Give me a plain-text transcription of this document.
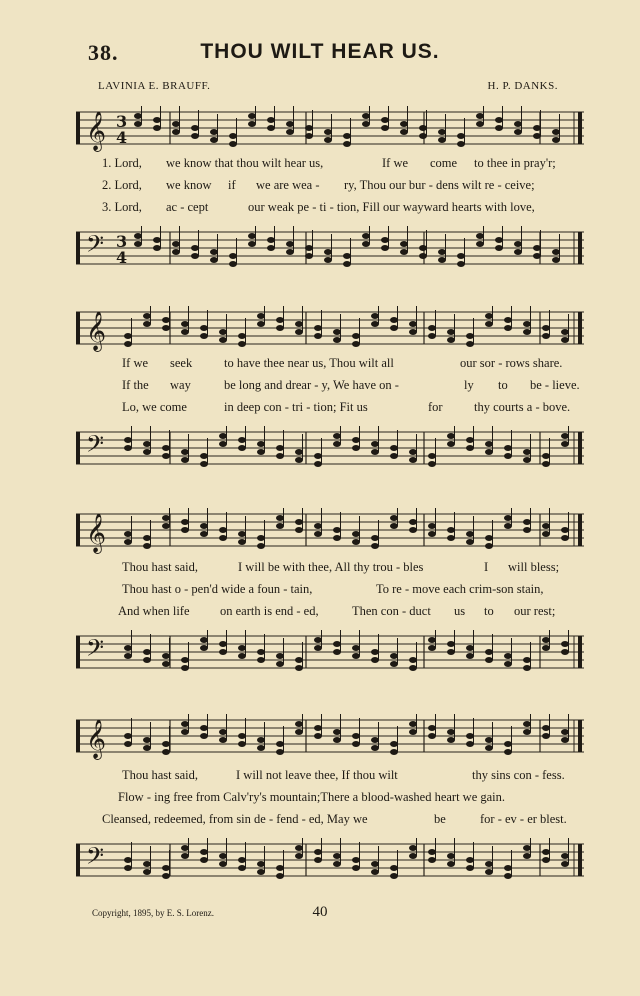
38.	THOU WILT HEAR US.
LAVINIA E. BRAUFF.	H. P. DANKS.
𝄞 3
4
1. Lord, we know that thou wilt hear us,	If we come to thee in pray'r;
2. Lord, we know if we are wea - ry, Thou our bur - dens wilt re - ceive;
3. Lord, ac - cept	our weak pe - ti - tion, Fill our wayward hearts with love,
𝄢 3
4
𝄞
If we seek	to have thee near us, Thou wilt all	our sor - rows share.
If the way	be long and drear - y, We have on -	ly to be - lieve.
Lo, we come	in deep con - tri - tion; Fit us	for	thy courts a - bove.
𝄢
𝄞
Thou hast said,	I will be with thee, All thy trou - bles	I will bless;
Thou hast o - pen'd wide a foun - tain,	To re - move each crim-son stain,
And when life on earth is end - ed,	Then con - duct us to our rest;
𝄢
𝄞
Thou hast said,	I will not leave thee, If thou wilt	thy sins con - fess.
Flow - ing free from Calv'ry's mountain;There a blood-washed heart we gain.
Cleansed, redeemed, from sin de - fend - ed, May we	be	for - ev - er blest.
𝄢
Copyright, 1895, by E. S. Lorenz.	40
